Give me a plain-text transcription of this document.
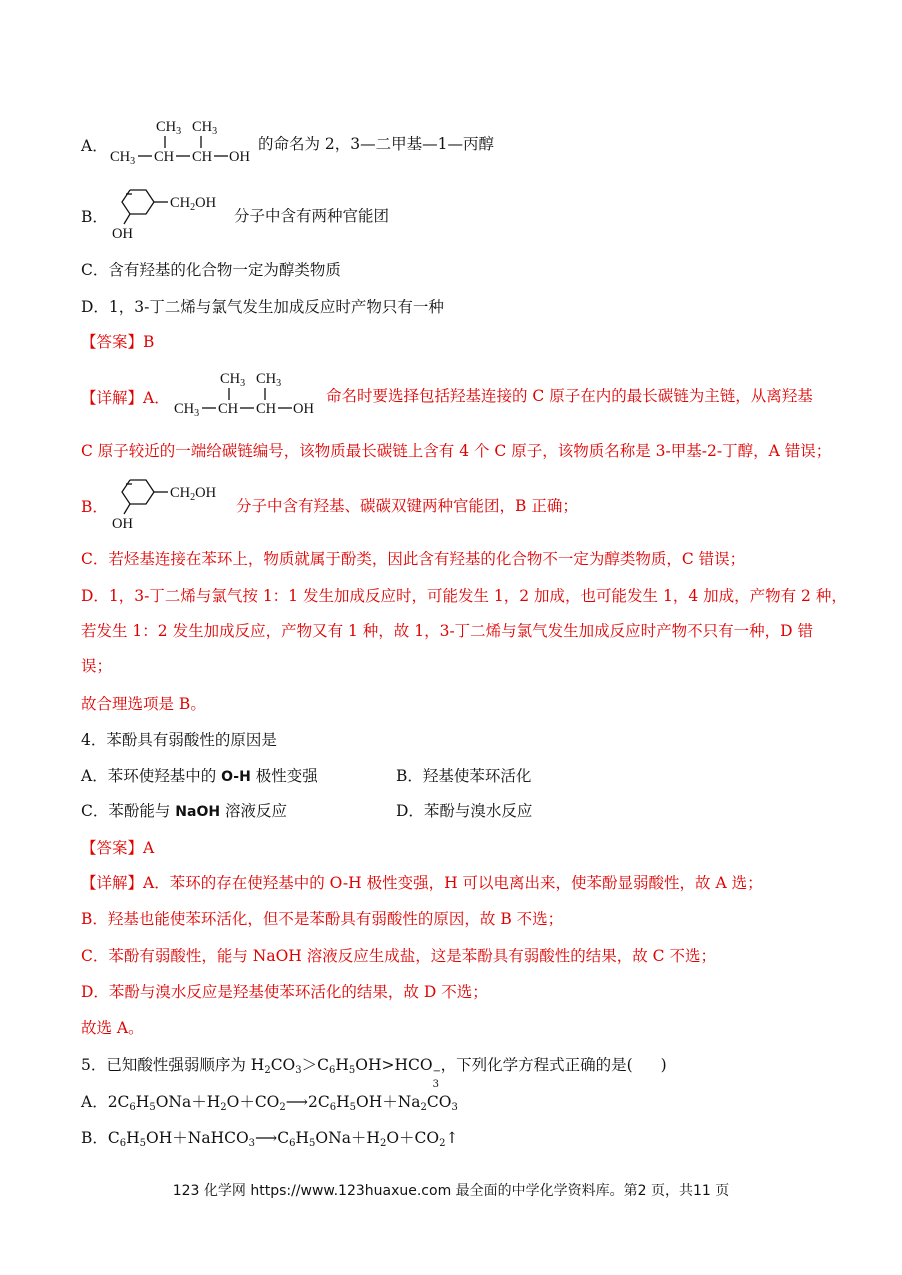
A．
$CH_3$ $CH_3$
$CH_3$ CH CH OH
的命名为 2，3—二甲基—1—丙醇
B．
$CH_2OH$
OH
分子中含有两种官能团
C．含有羟基的化合物一定为醇类物质
D．1，3-丁二烯与氯气发生加成反应时产物只有一种
【答案】B
【详解】A．
$CH_3$ $CH_3$
$CH_3$ CH CH OH
命名时要选择包括羟基连接的 C 原子在内的最长碳链为主链，从离羟基
C 原子较近的一端给碳链编号，该物质最长碳链上含有 4 个 C 原子，该物质名称是 3-甲基-2-丁醇，A 错误；
B．
$CH_2OH$
OH
分子中含有羟基、碳碳双键两种官能团，B 正确；
C．若烃基连接在苯环上，物质就属于酚类，因此含有羟基的化合物不一定为醇类物质，C 错误；
D．1，3-丁二烯与氯气按 1：1 发生加成反应时，可能发生 1，2 加成，也可能发生 1，4 加成，产物有 2 种，
若发生 1：2 发生加成反应，产物又有 1 种，故 1，3-丁二烯与氯气发生加成反应时产物不只有一种，D 错
误；
故合理选项是 B。
4．苯酚具有弱酸性的原因是
A．苯环使羟基中的 O-H 极性变强	B．羟基使苯环活化
C．苯酚能与 NaOH 溶液反应	D．苯酚与溴水反应
【答案】A
【详解】A．苯环的存在使羟基中的 O-H 极性变强，H 可以电离出来，使苯酚显弱酸性，故 A 选；
B．羟基也能使苯环活化，但不是苯酚具有弱酸性的原因，故 B 不选；
C．苯酚有弱酸性，能与 NaOH 溶液反应生成盐，这是苯酚具有弱酸性的结果，故 C 不选；
D．苯酚与溴水反应是羟基使苯环活化的结果，故 D 不选；
故选 A。
5．已知酸性强弱顺序为 $H_2CO_3>C_6H_5OH>HCO$ −
3
，下列化学方程式正确的是( )
A．$2C_6H_5ONa+H_2O+CO_2⟶2C_6H_5OH+Na_2CO_3$
B．$C_6H_5OH+NaHCO_3⟶C_6H_5ONa+H_2O+CO_2↑$
123 化学网 https://www.123huaxue.com 最全面的中学化学资料库。第2 页，共11 页
